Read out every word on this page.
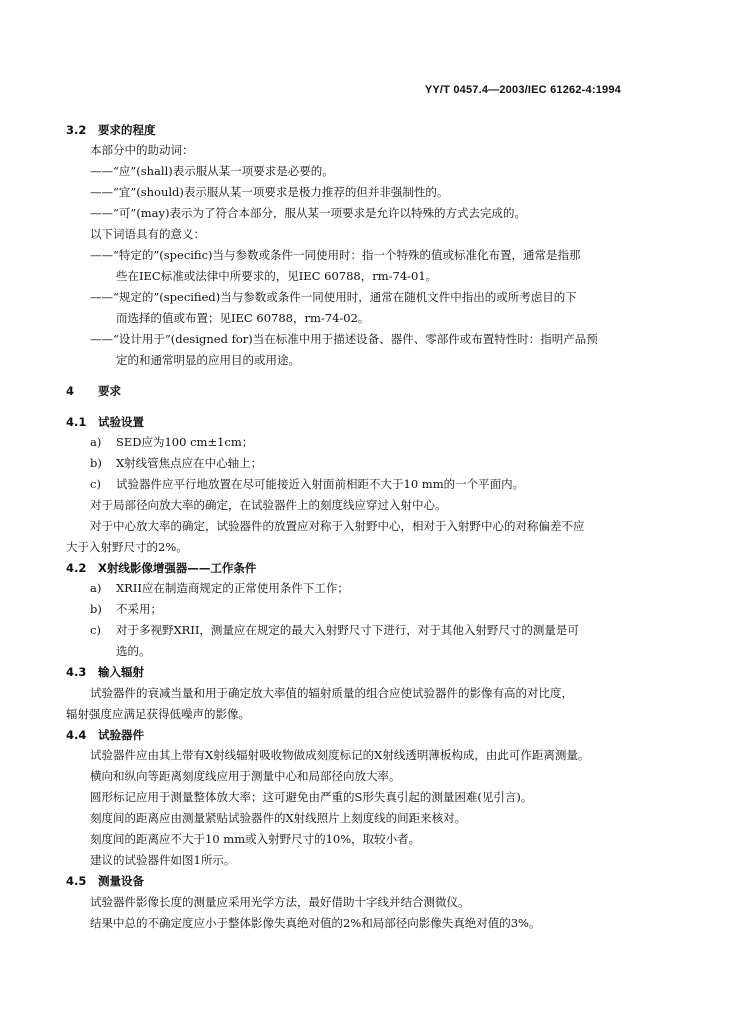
YY/T 0457.4—2003/IEC 61262-4:1994
3.2 要求的程度
本部分中的助动词：
——“应”(shall)表示服从某一项要求是必要的。
——“宜”(should)表示服从某一项要求是极力推荐的但并非强制性的。
——“可”(may)表示为了符合本部分，服从某一项要求是允许以特殊的方式去完成的。
以下词语具有的意义：
——“特定的”(specific)当与参数或条件一同使用时：指一个特殊的值或标准化布置，通常是指那
些在IEC标准或法律中所要求的，见IEC 60788，rm-74-01。
——“规定的”(specified)当与参数或条件一同使用时，通常在随机文件中指出的或所考虑目的下
而选择的值或布置；见IEC 60788，rm-74-02。
——“设计用于”(designed for)当在标准中用于描述设备、器件、零部件或布置特性时：指明产品预
定的和通常明显的应用目的或用途。
4 要求
4.1 试验设置
a) SED应为100 cm±1cm；
b) X射线管焦点应在中心轴上；
c) 试验器件应平行地放置在尽可能接近入射面前相距不大于10 mm的一个平面内。
对于局部径向放大率的确定，在试验器件上的刻度线应穿过入射中心。
对于中心放大率的确定，试验器件的放置应对称于入射野中心，相对于入射野中心的对称偏差不应
大于入射野尺寸的2%。
4.2 X射线影像增强器——工作条件
a) XRII应在制造商规定的正常使用条件下工作；
b) 不采用；
c) 对于多视野XRII，测量应在规定的最大入射野尺寸下进行，对于其他入射野尺寸的测量是可
选的。
4.3 输入辐射
试验器件的衰减当量和用于确定放大率值的辐射质量的组合应使试验器件的影像有高的对比度，
辐射强度应满足获得低噪声的影像。
4.4 试验器件
试验器件应由其上带有X射线辐射吸收物做成刻度标记的X射线透明薄板构成，由此可作距离测量。
横向和纵向等距离刻度线应用于测量中心和局部径向放大率。
圆形标记应用于测量整体放大率；这可避免由严重的S形失真引起的测量困难(见引言)。
刻度间的距离应由测量紧贴试验器件的X射线照片上刻度线的间距来核对。
刻度间的距离应不大于10 mm或入射野尺寸的10%，取较小者。
建议的试验器件如图1所示。
4.5 测量设备
试验器件影像长度的测量应采用光学方法，最好借助十字线并结合测微仪。
结果中总的不确定度应小于整体影像失真绝对值的2%和局部径向影像失真绝对值的3%。
